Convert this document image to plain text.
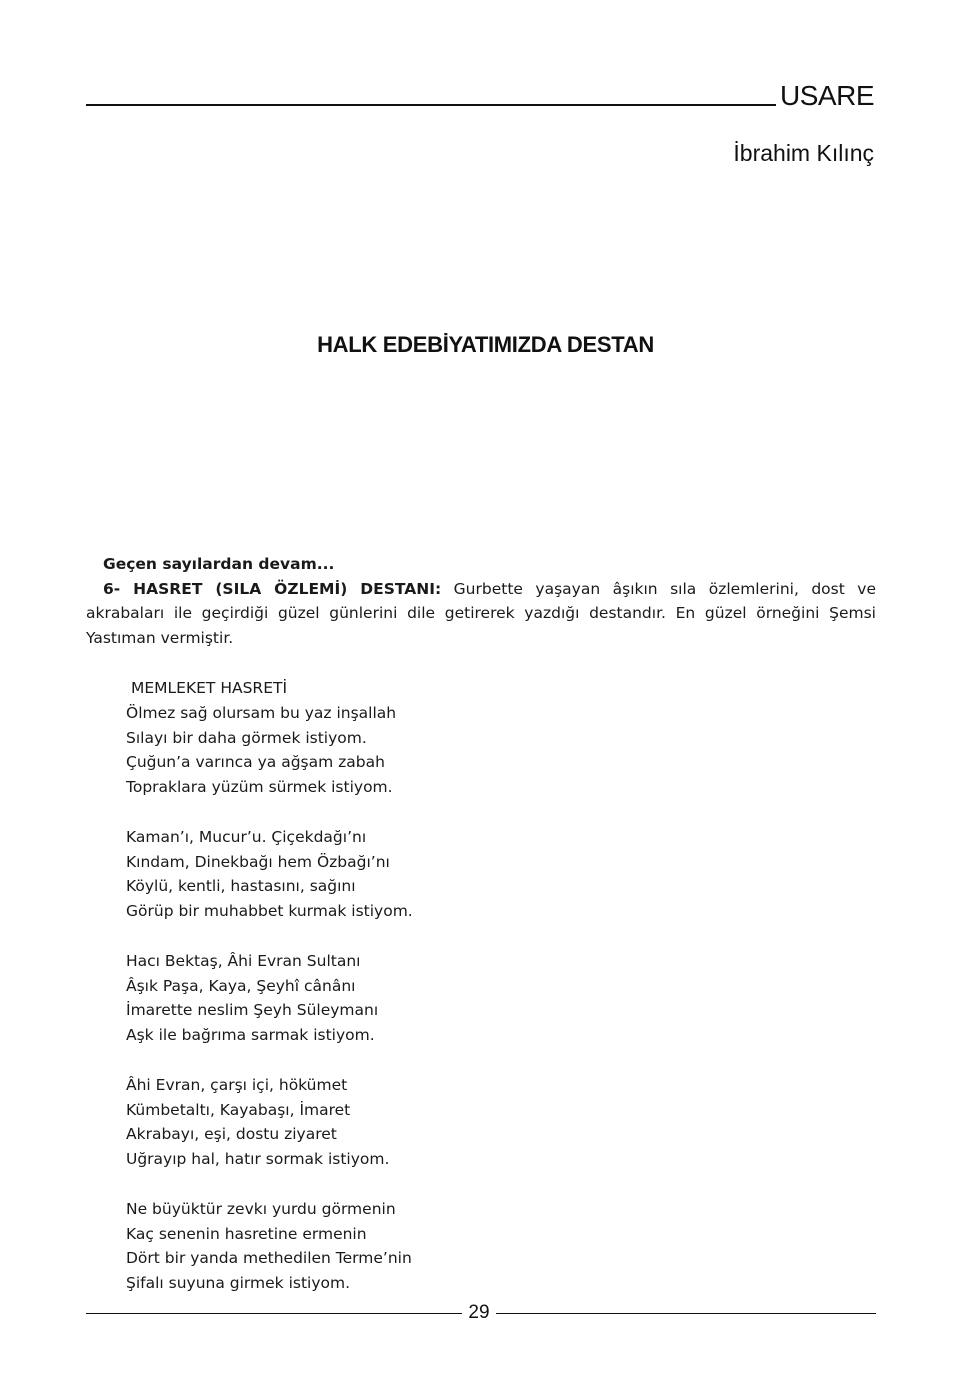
USARE
İbrahim Kılınç
HALK EDEBİYATIMIZDA DESTAN

Geçen sayılardan devam...

6- HASRET (SILA ÖZLEMİ) DESTANI: Gurbette yaşayan âşıkın sıla özlemlerini, dost ve akrabaları ile geçirdiği güzel günlerini dile getirerek yazdığı destandır. En güzel örneğini Şemsi Yastıman vermiştir.

MEMLEKET HASRETİ
Ölmez sağ olursam bu yaz inşallah
Sılayı bir daha görmek istiyom.
Çuğun’a varınca ya ağşam zabah
Topraklara yüzüm sürmek istiyom.
Kaman’ı, Mucur’u. Çiçekdağı’nı
Kındam, Dinekbağı hem Özbağı’nı
Köylü, kentli, hastasını, sağını
Görüp bir muhabbet kurmak istiyom.
Hacı Bektaş, Âhi Evran Sultanı
Âşık Paşa, Kaya, Şeyhî cânânı
İmarette neslim Şeyh Süleymanı
Aşk ile bağrıma sarmak istiyom.
Âhi Evran, çarşı içi, hökümet
Kümbetaltı, Kayabaşı, İmaret
Akrabayı, eşi, dostu ziyaret
Uğrayıp hal, hatır sormak istiyom.
Ne büyüktür zevkı yurdu görmenin
Kaç senenin hasretine ermenin
Dört bir yanda methedilen Terme’nin
Şifalı suyuna girmek istiyom.
29
